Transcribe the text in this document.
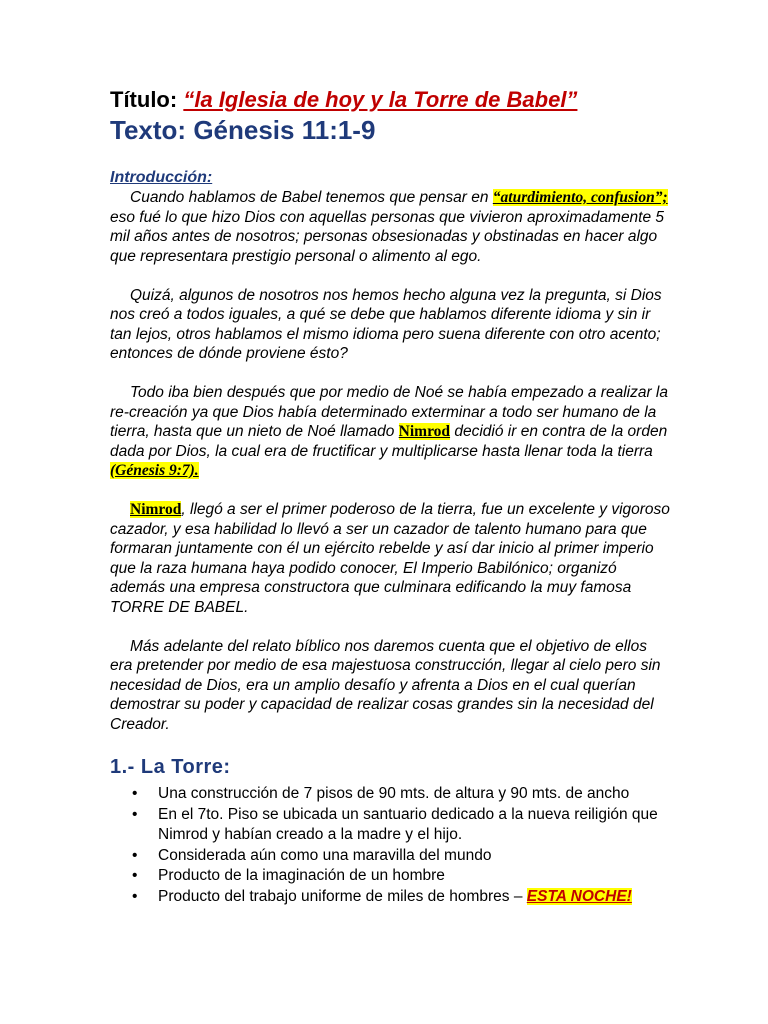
Título: “la Iglesia de hoy y la Torre de Babel”
Texto: Génesis 11:1-9
Introducción:

Cuando hablamos de Babel tenemos que pensar en “aturdimiento, confusion”; eso fué lo que hizo Dios con aquellas personas que vivieron aproximadamente 5 mil años antes de nosotros; personas obsesionadas y obstinadas en hacer algo que representara prestigio personal o alimento al ego.

Quizá, algunos de nosotros nos hemos hecho alguna vez la pregunta, si Dios nos creó a todos iguales, a qué se debe que hablamos diferente idioma y sin ir tan lejos, otros hablamos el mismo idioma pero suena diferente con otro acento; entonces de dónde proviene ésto?

Todo iba bien después que por medio de Noé se había empezado a realizar la re-creación ya que Dios había determinado exterminar a todo ser humano de la tierra, hasta que un nieto de Noé llamado Nimrod decidió ir en contra de la orden dada por Dios, la cual era de fructificar y multiplicarse hasta llenar toda la tierra (Génesis 9:7).

Nimrod, llegó a ser el primer poderoso de la tierra, fue un excelente y vigoroso cazador, y esa habilidad lo llevó a ser un cazador de talento humano para que formaran juntamente con él un ejército rebelde y así dar inicio al primer imperio que la raza humana haya podido conocer, El Imperio Babilónico; organizó además una empresa constructora que culminara edificando la muy famosa TORRE DE BABEL.

Más adelante del relato bíblico nos daremos cuenta que el objetivo de ellos era pretender por medio de esa majestuosa construcción, llegar al cielo pero sin necesidad de Dios, era un amplio desafío y afrenta a Dios en el cual querían demostrar su poder y capacidad de realizar cosas grandes sin la necesidad del Creador.

1.- La Torre:
• Una construcción de 7 pisos de 90 mts. de altura y 90 mts. de ancho
• En el 7to. Piso se ubicada un santuario dedicado a la nueva reiligión que Nimrod y habían creado a la madre y el hijo.
• Considerada aún como una maravilla del mundo
• Producto de la imaginación de un hombre
• Producto del trabajo uniforme de miles de hombres – ESTA NOCHE!
